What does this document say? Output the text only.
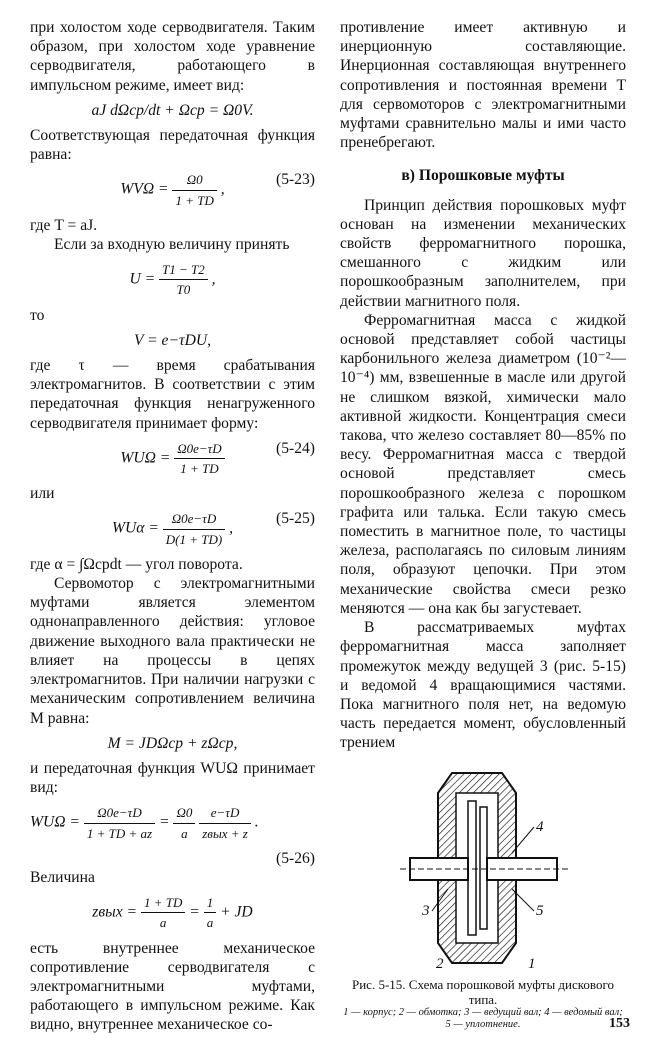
при холостом ходе серводвигателя. Таким образом, при холостом ходе уравнение серводвигателя, работающего в импульсном режиме, имеет вид:

aJ dΩcp/dt + Ωcp = Ω0V.

Соответствующая передаточная функция равна:

$WV\Omega = \frac{\Omega 0}{1 + TD}$ ,
(5-23)

где T = aJ.

Если за входную величину принять

$U = \frac{T1 - T2}{T0}$ ,

то

V = e−τDU,

где τ — время срабатывания электромагнитов. В соответствии с этим передаточная функция ненагруженного серводвигателя принимает форму:

$WU\Omega = \frac{\Omega 0e-\tau D}{1 + TD}$	(5-24)

или

$WU\alpha = \frac{\Omega 0e-\tau D}{D(1 + TD)}$ ,
(5-25)

где α = ∫Ωcpdt — угол поворота.

Сервомотор с электромагнитными муфтами является элементом однонаправленного действия: угловое движение выходного вала практически не влияет на процессы в цепях электромагнитов. При наличии нагрузки с механическим сопротивлением величина M равна:

M = JDΩcp + zΩcp,

и передаточная функция WUΩ принимает вид:

$WU\Omega = \frac{\Omega 0e-\tau D}{1 + TD + az} = \frac{\Omega 0}{a}$
$\frac{e-\tau D}{\text{zвых + z}}$ .
(5-26)

Величина

zвых = $\frac{1 + TD}{a} = \frac{1}{a}$ + JD

есть внутреннее механическое сопротивление серводвигателя с электромагнитными муфтами, работающего в импульсном режиме. Как видно, внутреннее механическое со-

противление имеет активную и инерционную составляющие. Инерционная составляющая внутреннего сопротивления и постоянная времени T для сервомоторов с электромагнитными муфтами сравнительно малы и ими часто пренебрегают.

в) Порошковые муфты

Принцип действия порошковых муфт основан на изменении механических свойств ферромагнитного порошка, смешанного с жидким или порошкообразным заполнителем, при действии магнитного поля.

Ферромагнитная масса с жидкой основой представляет собой частицы карбонильного железа диаметром (10⁻²—10⁻⁴) мм, взвешенные в масле или другой не слишком вязкой, химически мало активной жидкости. Концентрация смеси такова, что железо составляет 80—85% по весу. Ферромагнитная масса с твердой основой представляет смесь порошкообразного железа с порошком графита или талька. Если такую смесь поместить в магнитное поле, то частицы железа, располагаясь по силовым линиям поля, образуют цепочки. При этом механические свойства смеси резко меняются — она как бы загустевает.

В рассматриваемых муфтах ферромагнитная масса заполняет промежуток между ведущей 3 (рис. 5-15) и ведомой 4 вращающимися частями. Пока магнитного поля нет, на ведомую часть передается момент, обусловленный трением

4
3	5
2	1
Рис. 5-15. Схема порошковой муфты дискового типа.
1 — корпус; 2 — обмотка; 3 — ведущий вал; 4 — ведомый вал; 5 — уплотнение.	153
